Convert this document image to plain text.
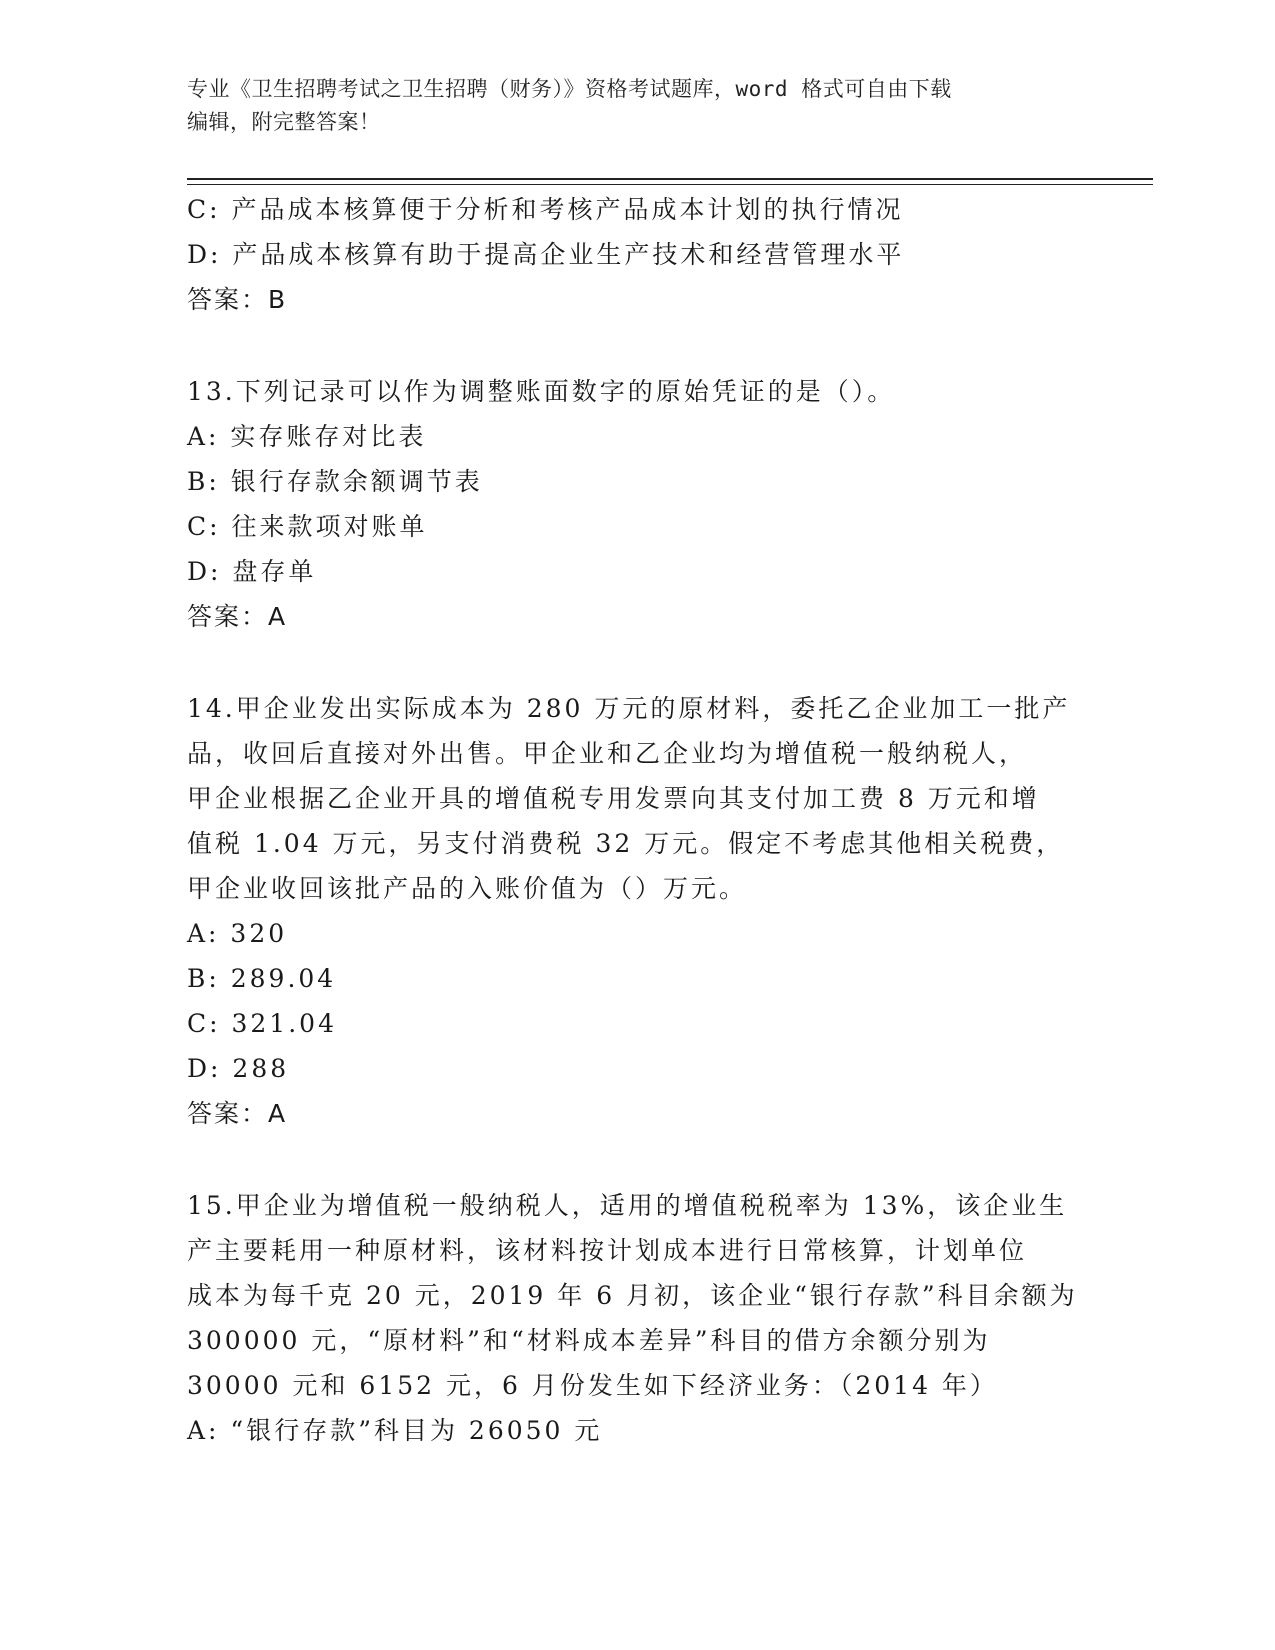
专业《卫生招聘考试之卫生招聘（财务）》资格考试题库，word 格式可自由下载
编辑，附完整答案！
C: 产品成本核算便于分析和考核产品成本计划的执行情况
D: 产品成本核算有助于提高企业生产技术和经营管理水平
答案：B
13.下列记录可以作为调整账面数字的原始凭证的是（）。
A: 实存账存对比表
B: 银行存款余额调节表
C: 往来款项对账单
D: 盘存单
答案：A
14.甲企业发出实际成本为 280 万元的原材料，委托乙企业加工一批产
品，收回后直接对外出售。甲企业和乙企业均为增值税一般纳税人，
甲企业根据乙企业开具的增值税专用发票向其支付加工费 8 万元和增
值税 1.04 万元，另支付消费税 32 万元。假定不考虑其他相关税费，
甲企业收回该批产品的入账价值为（）万元。
A: 320
B: 289.04
C: 321.04
D: 288
答案：A
15.甲企业为增值税一般纳税人，适用的增值税税率为 13%，该企业生
产主要耗用一种原材料，该材料按计划成本进行日常核算，计划单位
成本为每千克 20 元，2019 年 6 月初，该企业“银行存款”科目余额为
300000 元，“原材料”和“材料成本差异”科目的借方余额分别为
30000 元和 6152 元，6 月份发生如下经济业务：（2014 年）
A: “银行存款”科目为 26050 元
